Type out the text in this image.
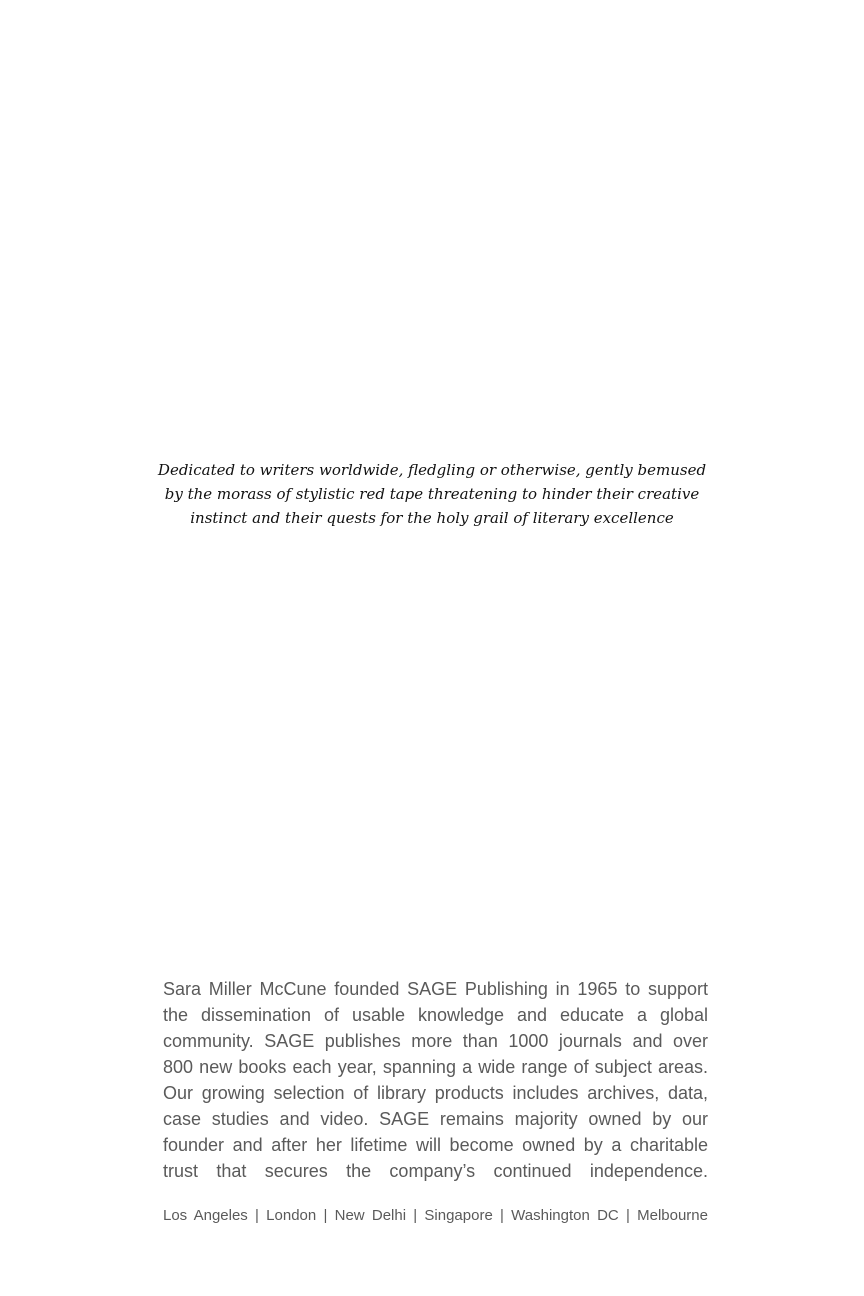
Dedicated to writers worldwide, fledgling or otherwise, gently bemused
by the morass of stylistic red tape threatening to hinder their creative
instinct and their quests for the holy grail of literary excellence

Sara Miller McCune founded SAGE Publishing in 1965 to support
the dissemination of usable knowledge and educate a global
community. SAGE publishes more than 1000 journals and over
800 new books each year, spanning a wide range of subject areas.
Our growing selection of library products includes archives, data,
case studies and video. SAGE remains majority owned by our
founder and after her lifetime will become owned by a charitable
trust that secures the company’s continued independence.

Los Angeles | London | New Delhi | Singapore | Washington DC | Melbourne
